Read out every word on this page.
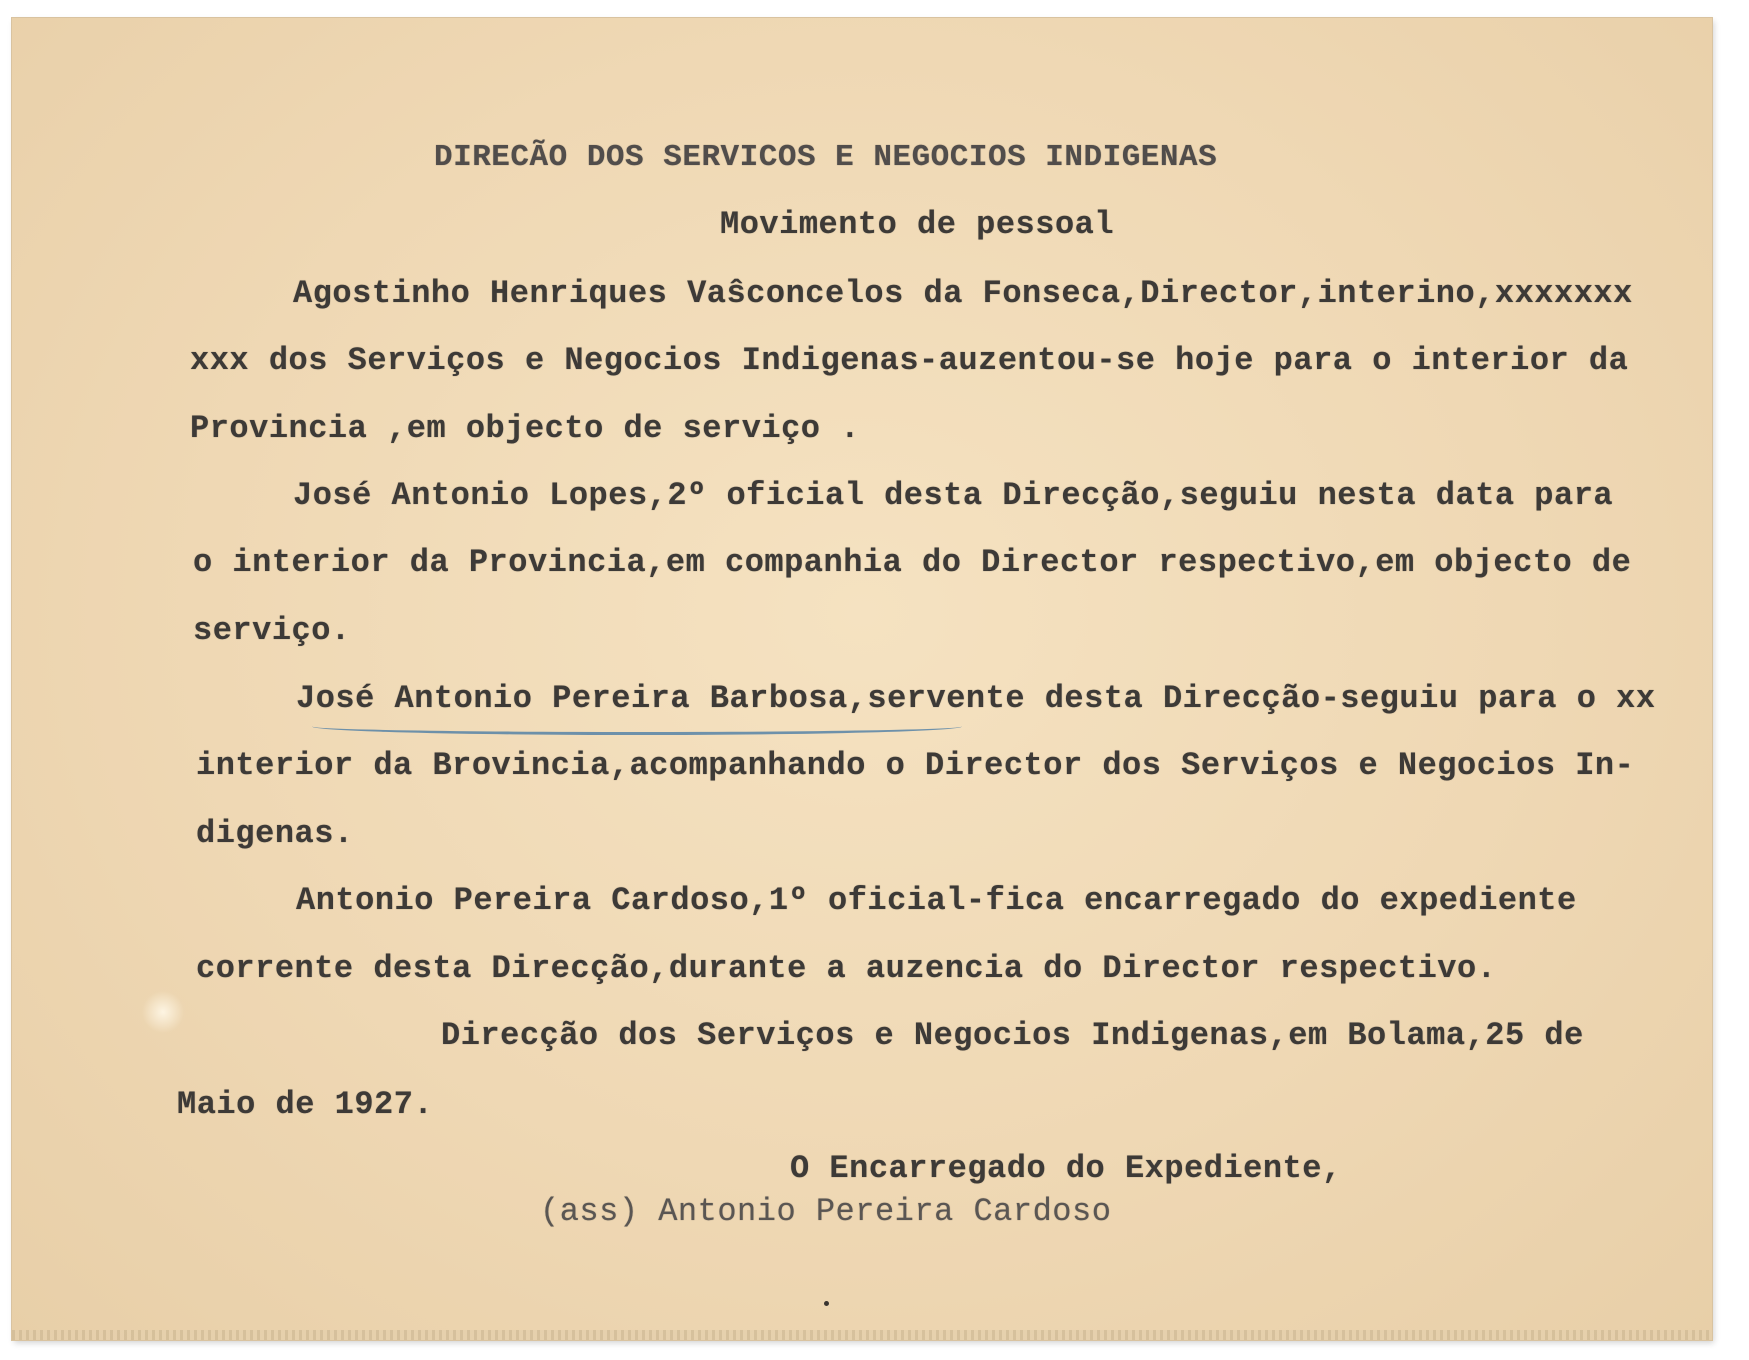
DIRECÃO DOS SERVICOS E NEGOCIOS INDIGENAS
Movimento de pessoal
Agostinho Henriques Vaŝconcelos da Fonseca,Director,interino,xxxxxxx
xxx dos Serviços e Negocios Indigenas-auzentou-se hoje para o interior da
Provincia ,em objecto de serviço .
José Antonio Lopes,2º oficial desta Direcção,seguiu nesta data para
o interior da Provincia,em companhia do Director respectivo,em objecto de
serviço.
José Antonio Pereira Barbosa,servente desta Direcção-seguiu para o xx
interior da Brovincia,acompanhando o Director dos Serviços e Negocios In-
digenas.
Antonio Pereira Cardoso,1º oficial-fica encarregado do expediente
corrente desta Direcção,durante a auzencia do Director respectivo.
Direcção dos Serviços e Negocios Indigenas,em Bolama,25 de
Maio de 1927.
O Encarregado do Expediente,
(ass) Antonio Pereira Cardoso
